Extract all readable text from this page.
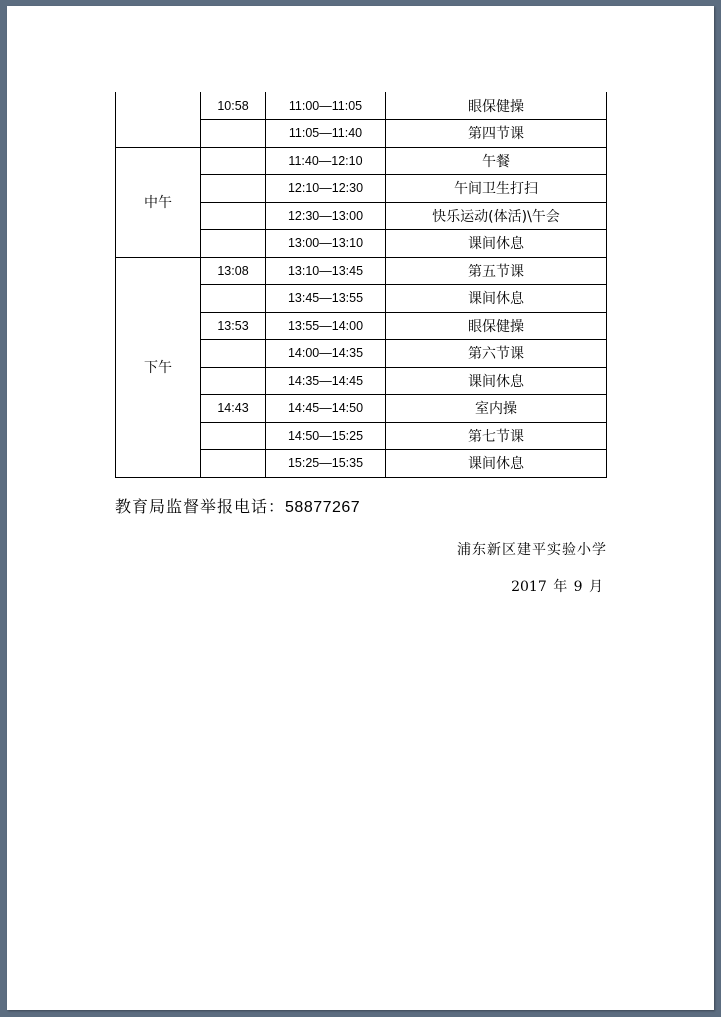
	10:58	11:00—11:05	眼保健操
		11:05—11:40	第四节课
中午		11:40—12:10	午餐
		12:10—12:30	午间卫生打扫
		12:30—13:00	快乐运动(体活)\午会
		13:00—13:10	课间休息
下午	13:08	13:10—13:45	第五节课
		13:45—13:55	课间休息
	13:53	13:55—14:00	眼保健操
		14:00—14:35	第六节课
		14:35—14:45	课间休息
	14:43	14:45—14:50	室内操
		14:50—15:25	第七节课
		15:25—15:35	课间休息
教育局监督举报电话：58877267
浦东新区建平实验小学
2017 年 9 月
